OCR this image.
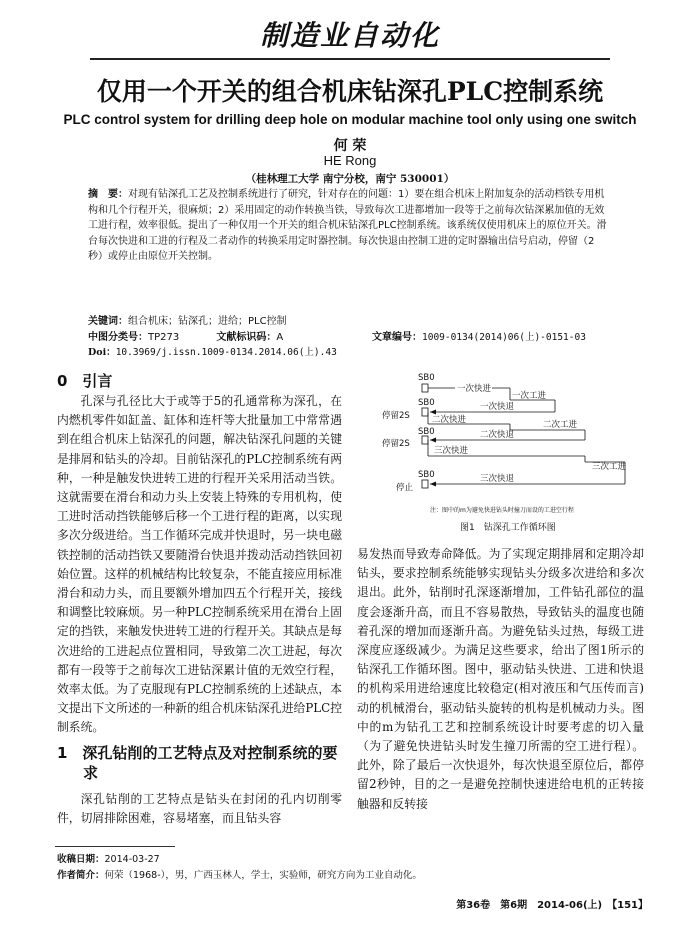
制造业自动化
仅用一个开关的组合机床钻深孔PLC控制系统
PLC control system for drilling deep hole on modular machine tool only using one switch
何 荣
HE Rong
（桂林理工大学 南宁分校，南宁 530001）
摘　要：对现有钻深孔工艺及控制系统进行了研究，针对存在的问题：1）要在组合机床上附加复杂的活动档铁专用机构和几个行程开关，很麻烦；2）采用固定的动作转换当铁，导致每次工进都增加一段等于之前每次钻深累加值的无效工进行程，效率很低。提出了一种仅用一个开关的组合机床钻深孔PLC控制系统。该系统仅使用机床上的原位开关。滑台每次快进和工进的行程及二者动作的转换采用定时器控制。每次快退由控制工进的定时器输出信号启动，停留（2秒）或停止由原位开关控制。
关键词：组合机床；钻深孔；进给；PLC控制
中图分类号：TP273	文献标识码：A	文章编号：1009-0134(2014)06(上)-0151-03
Doi：10.3969/j.issn.1009-0134.2014.06(上).43
0　引言
孔深与孔径比大于或等于5的孔通常称为深孔，在内燃机零件如缸盖、缸体和连杆等大批量加工中常常遇到在组合机床上钻深孔的问题，解决钻深孔问题的关键是排屑和钻头的冷却。目前钻深孔的PLC控制系统有两种，一种是触发快进转工进的行程开关采用活动当铁。这就需要在滑台和动力头上安装上特殊的专用机构，使工进时活动挡铁能够后移一个工进行程的距离，以实现多次分级进给。当工作循环完成并快退时，另一块电磁铁控制的活动挡铁又要随滑台快退并拨动活动挡铁回初始位置。这样的机械结构比较复杂，不能直接应用标准滑台和动力头，而且要额外增加四五个行程开关，接线和调整比较麻烦。另一种PLC控制系统采用在滑台上固定的挡铁，来触发快进转工进的行程开关。其缺点是每次进给的工进起点位置相同，导致第二次工进起，每次都有一段等于之前每次工进钻深累计值的无效空行程，效率太低。为了克服现有PLC控制系统的上述缺点，本文提出下文所述的一种新的组合机床钻深孔进给PLC控制系统。
1　深孔钻削的工艺特点及对控制系统的要求
深孔钻削的工艺特点是钻头在封闭的孔内切削零件，切屑排除困难，容易堵塞，而且钻头容
SB0
一次快进
一次工进
SB0
停留2S
一次快退
二次快进	二次工进
SB0
停留2S
二次快退
三次快进
三次工进
SB0
停止
三次快退
注：图中的m为避免快进钻头时撞刀而设的工进空行程
图1　钻深孔工作循环图
易发热而导致寿命降低。为了实现定期排屑和定期冷却钻头，要求控制系统能够实现钻头分级多次进给和多次退出。此外，钻削时孔深逐渐增加，工件钻孔部位的温度会逐渐升高，而且不容易散热，导致钻头的温度也随着孔深的增加而逐渐升高。为避免钻头过热，每级工进深度应逐级减少。为满足这些要求，给出了图1所示的钻深孔工作循环图。图中，驱动钻头快进、工进和快退的机构采用进给速度比较稳定(相对液压和气压传而言)动的机械滑台，驱动钻头旋转的机构是机械动力头。图中的m为钻孔工艺和控制系统设计时要考虑的切入量（为了避免快进钻头时发生撞刀所需的空工进行程）。此外，除了最后一次快退外，每次快退至原位后，都停留2秒钟，目的之一是避免控制快速进给电机的正转接触器和反转接
收稿日期：2014-03-27
作者简介：何荣（1968-），男，广西玉林人，学士，实验师，研究方向为工业自动化。
第36卷　第6期　2014-06(上)　【151】
